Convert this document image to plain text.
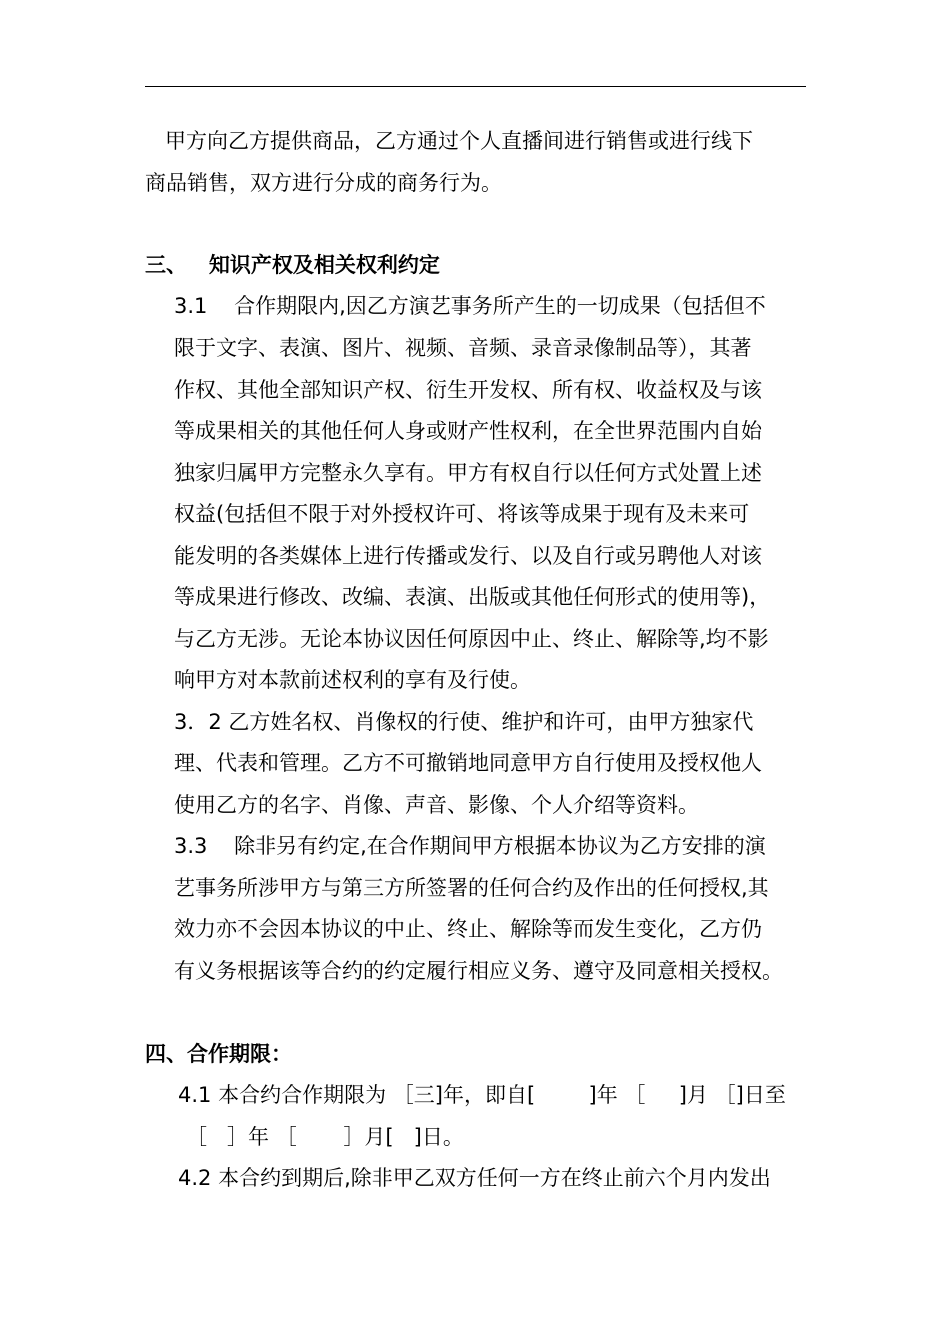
甲方向乙方提供商品，乙方通过个人直播间进行销售或进行线下
商品销售，双方进行分成的商务行为。
三、   知识产权及相关权利约定
3.1    合作期限内,因乙方演艺事务所产生的一切成果（包括但不
限于文字、表演、图片、视频、音频、录音录像制品等），其著
作权、其他全部知识产权、衍生开发权、所有权、收益权及与该
等成果相关的其他任何人身或财产性权利，在全世界范围内自始
独家归属甲方完整永久享有。甲方有权自行以任何方式处置上述
权益(包括但不限于对外授权许可、将该等成果于现有及未来可
能发明的各类媒体上进行传播或发行、以及自行或另聘他人对该
等成果进行修改、改编、表演、出版或其他任何形式的使用等)，
与乙方无涉。无论本协议因任何原因中止、终止、解除等,均不影
响甲方对本款前述权利的享有及行使。
3．2 乙方姓名权、肖像权的行使、维护和许可，由甲方独家代
理、代表和管理。乙方不可撤销地同意甲方自行使用及授权他人
使用乙方的名字、肖像、声音、影像、个人介绍等资料。
3.3    除非另有约定,在合作期间甲方根据本协议为乙方安排的演
艺事务所涉甲方与第三方所签署的任何合约及作出的任何授权,其
效力亦不会因本协议的中止、终止、解除等而发生变化，乙方仍
有义务根据该等合约的约定履行相应义务、遵守及同意相关授权。
四、合作期限：
4.1 本合约合作期限为 ［三]年，即自[        ]年 ［     ]月 ［]日至
［   ］年 ［       ］月[   ]日。
4.2 本合约到期后,除非甲乙双方任何一方在终止前六个月内发出
